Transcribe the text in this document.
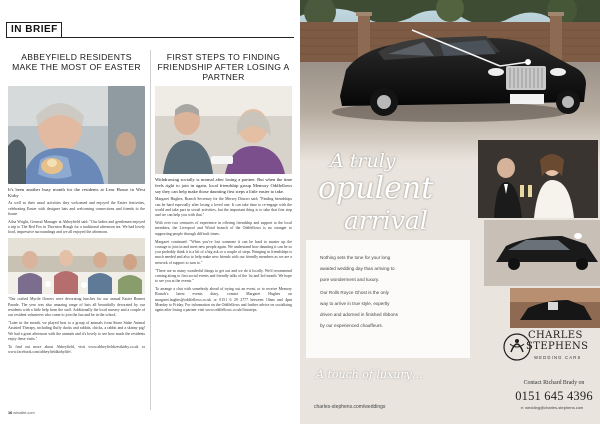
IN BRIEF
ABBEYFIELD RESIDENTS MAKE THE MOST OF EASTER

It's been another busy month for the residents at Lear House in West Kirby

As well as their usual activities they welcomed and enjoyed the Easter festivities, celebrating Easter with designer hats and welcoming connections and friends to the house.

Ailsa Wright, General Manager at Abbeyfield said: "Our ladies and gentlemen enjoyed a trip to The Red Fox in Thornton Hough for a traditional afternoon tea. We had lovely food, impressive surroundings and we all enjoyed the afternoon.

"Our crafted Myrtle flowers were decorating lunches for our annual Easter Bonnet Parade. The year was also amazing range of hats all beautifully decorated by our residents with a little help from the staff. Additionally the local nursery and a couple of our resident volunteers who came to join the fun and be in the school.

"Later in the month, we played host to a group of animals from Stone Stake Animal Assisted Therapy, including fluffy ducks and rabbits, chicks, a rabbit and a skinny pig! We had a great afternoon with the animals and it's lovely to see how much the residents enjoy these visits."

To find out more about Abbeyfield, visit www.abbeyfieldwestkirby.co.uk or www.facebook.com/abbeyfieldkirbylife/.

FIRST STEPS TO FINDING FRIENDSHIP AFTER LOSING A PARTNER

Withdrawing socially is normal after losing a partner. But when the time feels right to join in again, local friendship group Memory Oddfellows say they can help make those daunting first steps a little easier to take.

Margaret Hughes, Branch Secretary for the Mersey District said: "Finding friendships can be hard especially after losing a loved one. It can take time to re-engage with the world and take part in social activities, but the important thing is to take that first step and we can help you with that."

With over two centuries of experience in offering friendship and support to the local members, the Liverpool and Wirral branch of the Oddfellows is no stranger to supporting people through difficult times.

Margaret continued: "When you've lost someone it can be hard to muster up the courage to join in and meet new people again. We understand how daunting it can be so you probably think it is a bit of a big ask or a couple of steps. Bringing in friendships is much needed and also to help make new friends with our friendly members as we are a network of support to turn to."

"There are so many wonderful things to get out and we do it locally. We'd recommend coming along to first social events and friendly talks of the 1st and 3rd month. We hope to see you at the events."

To arrange a chat with somebody ahead of trying out an event, or to receive Memory Branch's latest events diary, contact Margaret Hughes on margaret.hughes@oddfellows.co.uk or 0151 6 29 2777 between 10am and 4pm Monday to Friday. For information on the Oddfellows and further advice on socialising again after losing a partner visit www.oddfellows.co.uk/firststeps.

16 wirralife.com
A truly
opulent
arrival

Nothing sets the tone for your long

awaited wedding day than arriving to

pure wonderment and luxury.

Our Rolls Royce Ghost is the only

way to arrive in true style, expertly

driven and adorned in finished ribbons

by our experienced chauffeurs.

A touch of luxury…
charles-stephens.com/weddings
CHARLES
STEPHENS
WEDDING CARS
Contact Richard Brady on
0151 645 4396
e: wedding@charles-stephens.com
